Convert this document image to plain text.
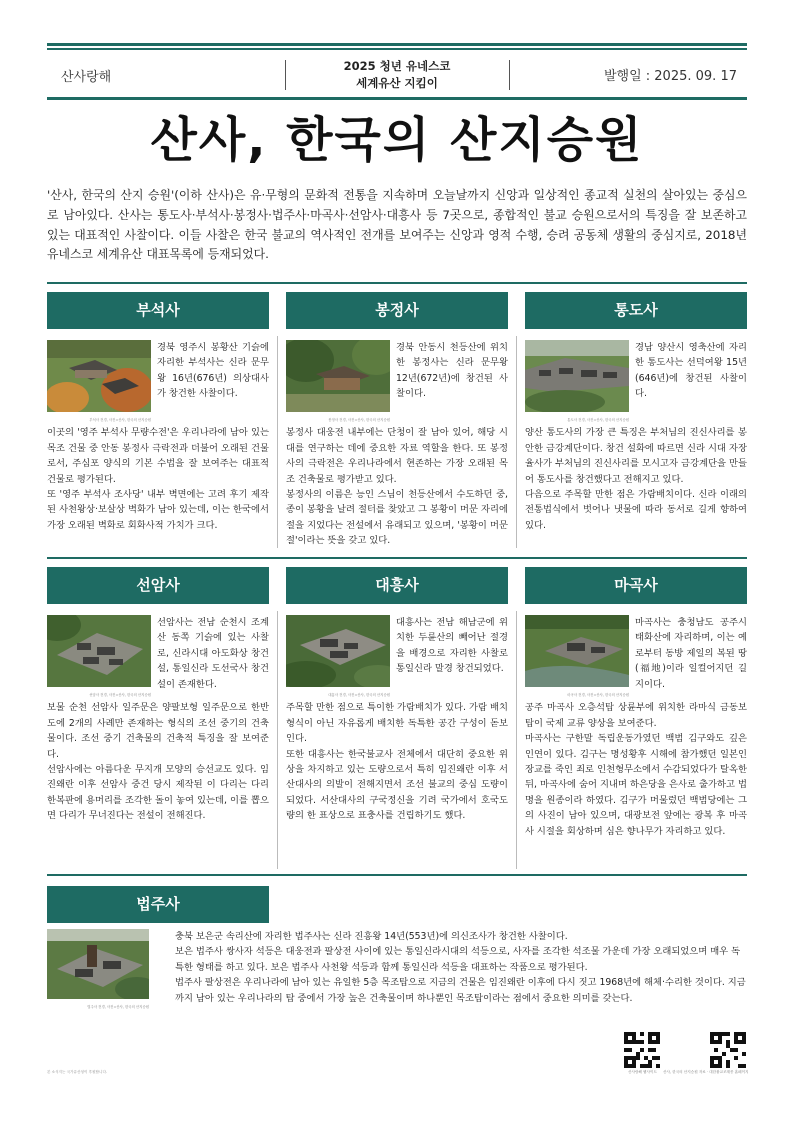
산사랑해
2025 청년 유네스코
세계유산 지킴이	발행일 : 2025. 09. 17
산사, 한국의 산지승원

'산사, 한국의 산지 승원'(이하 산사)은 유·무형의 문화적 전통을 지속하며 오늘날까지 신앙과 일상적인 종교적 실천의 살아있는 중심으로 남아있다. 산사는 통도사·부석사·봉정사·법주사·마곡사·선암사·대흥사 등 7곳으로, 종합적인 불교 승원으로서의 특징을 잘 보존하고 있는 대표적인 사찰이다. 이들 사찰은 한국 불교의 역사적인 전개를 보여주는 신앙과 영적 수행, 승려 공동체 생활의 중심지로, 2018년 유네스코 세계유산 대표목록에 등재되었다.

부석사
부석사 전경, 사진=산사, 한국의 산지승원
경북 영주시 봉황산 기슭에 자리한 부석사는 신라 문무왕 16년(676년) 의상대사가 창건한 사찰이다.
이곳의 '영주 부석사 무량수전'은 우리나라에 남아 있는 목조 건물 중 안동 봉정사 극락전과 더불어 오래된 건물로서, 주심포 양식의 기본 수법을 잘 보여주는 대표적 건물로 평가된다.
또 '영주 부석사 조사당' 내부 벽면에는 고려 후기 제작된 사천왕상·보살상 벽화가 남아 있는데, 이는 한국에서 가장 오래된 벽화로 회화사적 가치가 크다.
봉정사
봉정사 전경, 사진=산사, 한국의 산지승원
경북 안동시 천등산에 위치한 봉정사는 신라 문무왕 12년(672년)에 창건된 사찰이다.
봉정사 대웅전 내부에는 단청이 잘 남아 있어, 해당 시대를 연구하는 데에 중요한 자료 역할을 한다. 또 봉정사의 극락전은 우리나라에서 현존하는 가장 오래된 목조 건축물로 평가받고 있다.
봉정사의 이름은 능인 스님이 천등산에서 수도하던 중, 종이 봉황을 날려 절터를 찾았고 그 봉황이 머문 자리에 절을 지었다는 전설에서 유래되고 있으며, '봉황이 머문 절'이라는 뜻을 갖고 있다.
통도사
통도사 전경, 사진=산사, 한국의 산지승원
경남 양산시 영축산에 자리한 통도사는 선덕여왕 15년(646년)에 창건된 사찰이다.
양산 통도사의 가장 큰 특징은 부처님의 진신사리를 봉안한 금강계단이다. 창건 설화에 따르면 신라 시대 자장율사가 부처님의 진신사리를 모시고자 금강계단을 만들어 통도사를 창건했다고 전해지고 있다.
다음으로 주목할 만한 점은 가람배치이다. 신라 이래의 전통법식에서 벗어나 냇물에 따라 동서로 길게 향하여 있다.
선암사
선암사 전경, 사진=산사, 한국의 산지승원
선암사는 전남 순천시 조계산 동쪽 기슭에 있는 사찰로, 신라시대 아도화상 창건설, 통일신라 도선국사 창건설이 존재한다.
보물 순천 선암사 일주문은 양팔보형 일주문으로 한반도에 2개의 사례만 존재하는 형식의 조선 중기의 건축물이다. 조선 중기 건축물의 건축적 특징을 잘 보여준다.
선암사에는 아름다운 무지개 모양의 승선교도 있다. 임진왜란 이후 선암사 중건 당시 제작된 이 다리는 다리 한복판에 용머리를 조각한 돌이 놓여 있는데, 이를 뽑으면 다리가 무너진다는 전설이 전해진다.
대흥사
대흥사 전경, 사진=산사, 한국의 산지승원
대흥사는 전남 해남군에 위치한 두륜산의 빼어난 절경을 배경으로 자리한 사찰로 통일신라 말경 창건되었다.
주목할 만한 점으로 특이한 가람배치가 있다. 가람 배치 형식이 아닌 자유롭게 배치한 독특한 공간 구성이 돋보인다.
또한 대흥사는 한국불교사 전체에서 대단히 중요한 위상을 차지하고 있는 도량으로서 특히 임진왜란 이후 서산대사의 의발이 전해지면서 조선 불교의 중심 도량이 되었다. 서산대사의 구국정신을 기려 국가에서 호국도량의 한 표상으로 표충사를 건립하기도 했다.
마곡사
마곡사 전경, 사진=산사, 한국의 산지승원
마곡사는 충청남도 공주시 태화산에 자리하며, 이는 예로부터 동방 제일의 복된 땅(福地)이라 일컬어지던 길지이다.
공주 마곡사 오층석탑 상륜부에 위치한 라마식 금동보탑이 국제 교류 양상을 보여준다.
마곡사는 구한말 독립운동가였던 백범 김구와도 깊은 인연이 있다. 김구는 명성황후 시해에 참가했던 일본인 장교를 죽인 죄로 인천형무소에서 수감되었다가 탈옥한 뒤, 마곡사에 숨어 지내며 하은당을 은사로 출가하고 법명을 원종이라 하였다. 김구가 머물렀던 백범당에는 그의 사진이 남아 있으며, 대광보전 앞에는 광복 후 마곡사 시절을 회상하며 심은 향나무가 자리하고 있다.
법주사
법주사 전경, 사진=산사, 한국의 산지승원
충북 보은군 속리산에 자리한 법주사는 신라 진흥왕 14년(553년)에 의신조사가 창건한 사찰이다.
보은 법주사 쌍사자 석등은 대웅전과 팔상전 사이에 있는 통일신라시대의 석등으로, 사자를 조각한 석조물 가운데 가장 오래되었으며 매우 독특한 형태를 하고 있다. 보은 법주사 사천왕 석등과 함께 통일신라 석등을 대표하는 작품으로 평가된다.
법주사 팔상전은 우리나라에 남아 있는 유일한 5층 목조탑으로 지금의 건물은 임진왜란 이후에 다시 짓고 1968년에 해체·수리한 것이다. 지금까지 남아 있는 우리나라의 탑 중에서 가장 높은 건축물이며 하나뿐인 목조탑이라는 점에서 중요한 의미를 갖는다.
산사랑해 웹사이트 산사, 한국의 산지승원 자료 · 대한불교조계종 홈페이지
본 소식지는 국가유산청이 후원합니다.
